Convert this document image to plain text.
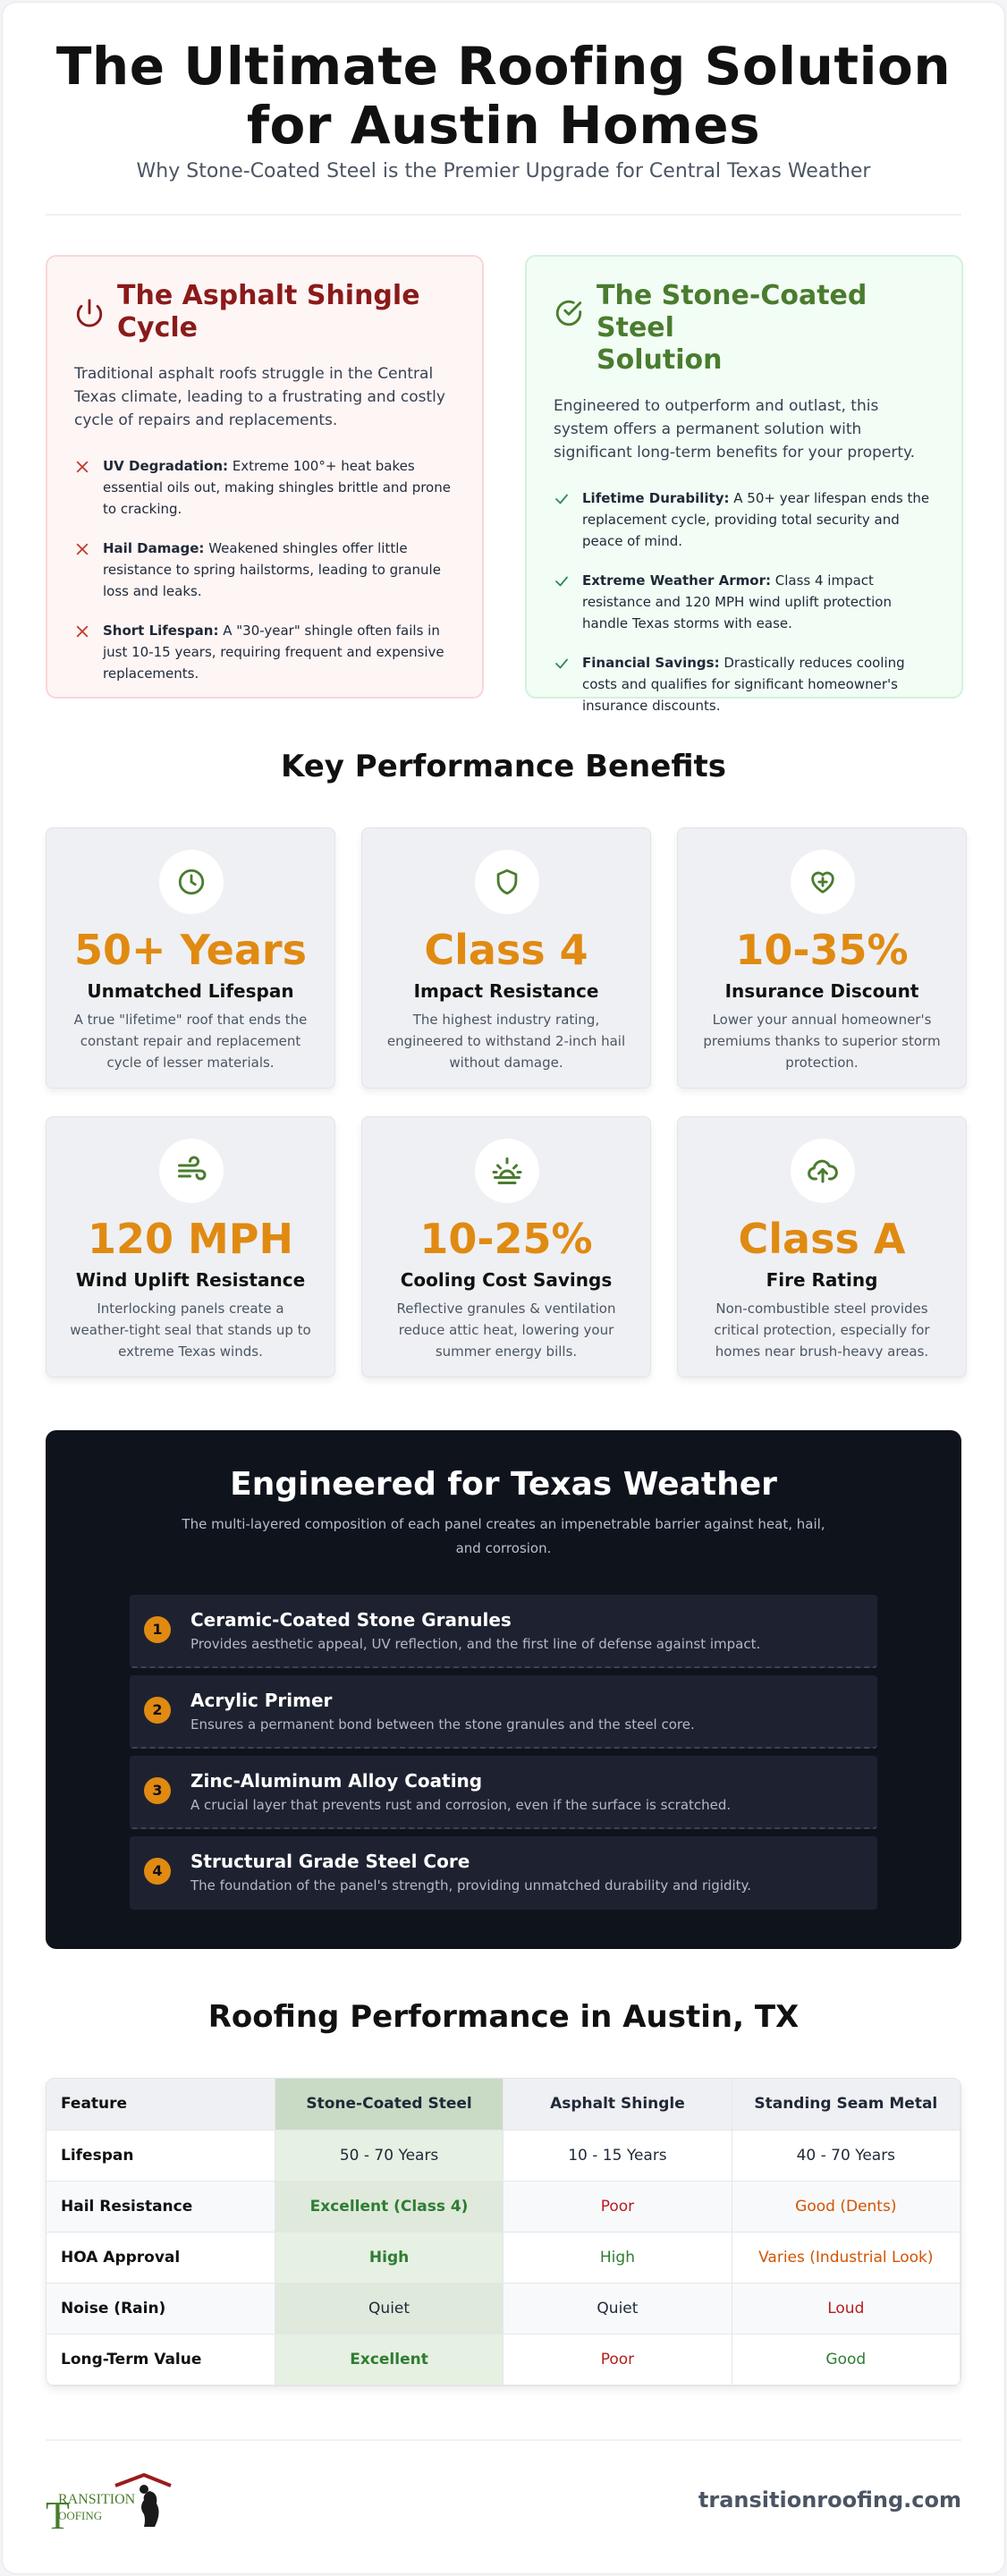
The Ultimate Roofing Solution
for Austin Homes
Why Stone-Coated Steel is the Premier Upgrade for Central Texas Weather
The Asphalt Shingle
Cycle

Traditional asphalt roofs struggle in the Central Texas climate, leading to a frustrating and costly cycle of repairs and replacements.

UV Degradation: Extreme 100°+ heat bakes essential oils out, making shingles brittle and prone to cracking.
Hail Damage: Weakened shingles offer little resistance to spring hailstorms, leading to granule loss and leaks.
Short Lifespan: A "30-year" shingle often fails in just 10-15 years, requiring frequent and expensive replacements.
The Stone-Coated Steel
Solution

Engineered to outperform and outlast, this system offers a permanent solution with significant long-term benefits for your property.

Lifetime Durability: A 50+ year lifespan ends the replacement cycle, providing total security and peace of mind.
Extreme Weather Armor: Class 4 impact resistance and 120 MPH wind uplift protection handle Texas storms with ease.
Financial Savings: Drastically reduces cooling costs and qualifies for significant homeowner's insurance discounts.
Key Performance Benefits
50+ Years
Unmatched Lifespan
A true "lifetime" roof that ends the constant repair and replacement cycle of lesser materials.
Class 4
Impact Resistance
The highest industry rating, engineered to withstand 2-inch hail without damage.
10-35%
Insurance Discount
Lower your annual homeowner's premiums thanks to superior storm protection.
120 MPH
Wind Uplift Resistance
Interlocking panels create a weather-tight seal that stands up to extreme Texas winds.
10-25%
Cooling Cost Savings
Reflective granules & ventilation reduce attic heat, lowering your summer energy bills.
Class A
Fire Rating
Non-combustible steel provides critical protection, especially for homes near brush-heavy areas.
Engineered for Texas Weather
The multi-layered composition of each panel creates an impenetrable barrier against heat, hail, and corrosion.
1	Ceramic-Coated Stone Granules
Provides aesthetic appeal, UV reflection, and the first line of defense against impact.
2	Acrylic Primer
Ensures a permanent bond between the stone granules and the steel core.
3	Zinc-Aluminum Alloy Coating
A crucial layer that prevents rust and corrosion, even if the surface is scratched.
4	Structural Grade Steel Core
The foundation of the panel's strength, providing unmatched durability and rigidity.
Roofing Performance in Austin, TX
Feature	Stone-Coated Steel	Asphalt Shingle	Standing Seam Metal
Lifespan	50 - 70 Years	10 - 15 Years	40 - 70 Years
Hail Resistance	Excellent (Class 4)	Poor	Good (Dents)
HOA Approval	High	High	Varies (Industrial Look)
Noise (Rain)	Quiet	Quiet	Loud
Long-Term Value	Excellent	Poor	Good
T
RANSITION
OOFING
transitionroofing.com
